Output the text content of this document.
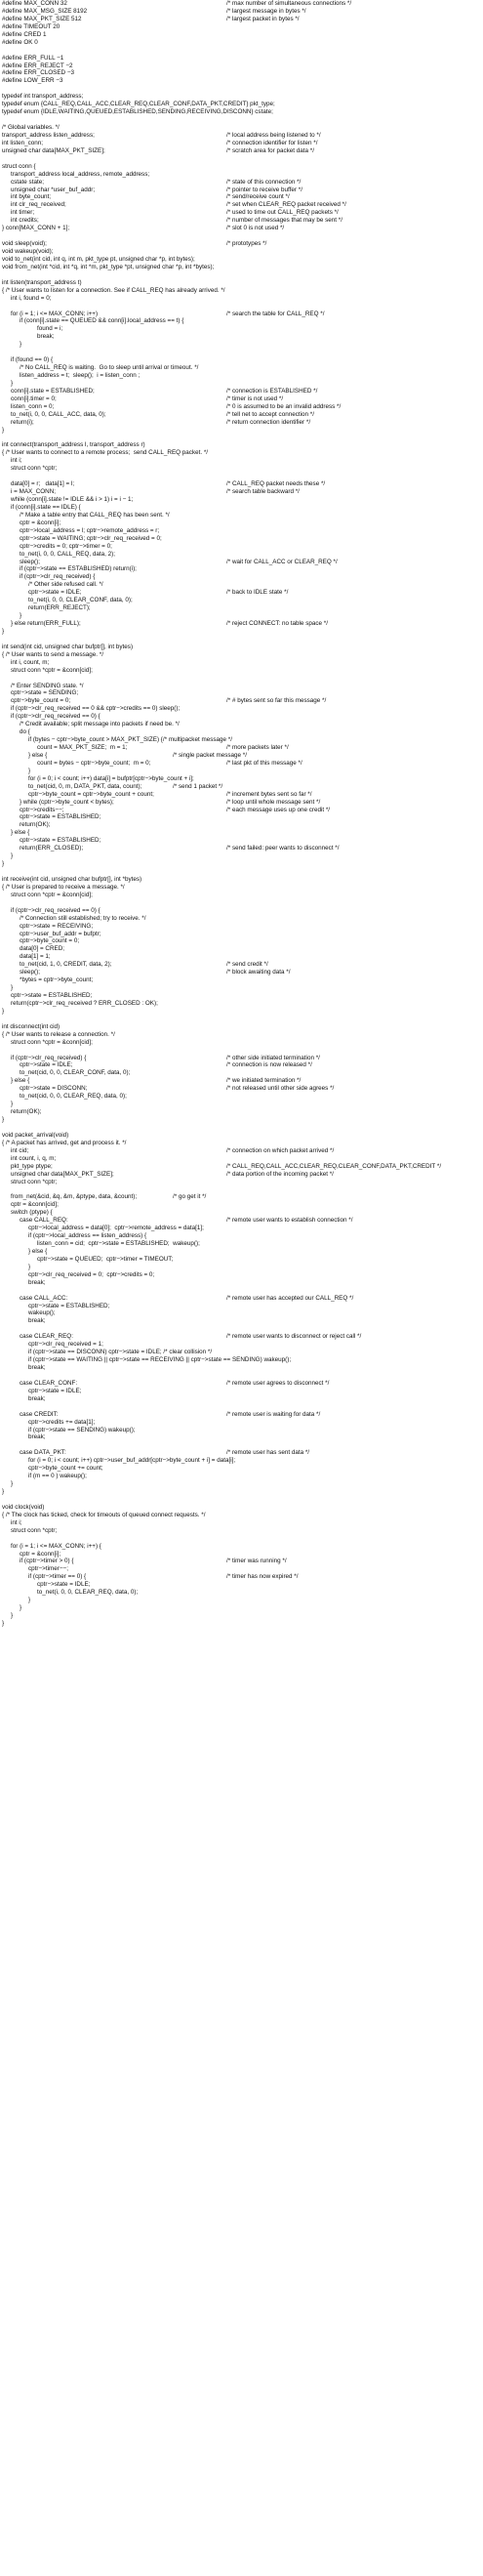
#define MAX_CONN 32	/* max number of simultaneous connections */
#define MAX_MSG_SIZE 8192	/* largest message in bytes */
#define MAX_PKT_SIZE 512	/* largest packet in bytes */
#define TIMEOUT 20
#define CRED 1
#define OK 0
#define ERR_FULL −1
#define ERR_REJECT −2
#define ERR_CLOSED −3
#define LOW_ERR −3
typedef int transport_address;
typedef enum {CALL_REQ,CALL_ACC,CLEAR_REQ,CLEAR_CONF,DATA_PKT,CREDIT} pkt_type;
typedef enum {IDLE,WAITING,QUEUED,ESTABLISHED,SENDING,RECEIVING,DISCONN} cstate;
/* Global variables. */
transport_address listen_address;	/* local address being listened to */
int listen_conn;	/* connection identifier for listen */
unsigned char data[MAX_PKT_SIZE];	/* scratch area for packet data */
struct conn {
transport_address local_address, remote_address;
cstate state;	/* state of this connection */
unsigned char *user_buf_addr;	/* pointer to receive buffer */
int byte_count;	/* send/receive count */
int clr_req_received;	/* set when CLEAR_REQ packet received */
int timer;	/* used to time out CALL_REQ packets */
int credits;	/* number of messages that may be sent */
} conn[MAX_CONN + 1];	/* slot 0 is not used */
void sleep(void);	/* prototypes */
void wakeup(void);
void to_net(int cid, int q, int m, pkt_type pt, unsigned char *p, int bytes);
void from_net(int *cid, int *q, int *m, pkt_type *pt, unsigned char *p, int *bytes);
int listen(transport_address t)
{ /* User wants to listen for a connection. See if CALL_REQ has already arrived. */
int i, found = 0;
for (i = 1; i <= MAX_CONN; i++)	/* search the table for CALL_REQ */
if (conn[i].state == QUEUED && conn[i].local_address == t) {
found = i;
break;
}
if (found == 0) {
/* No CALL_REQ is waiting.  Go to sleep until arrival or timeout. */
listen_address = t;  sleep();  i = listen_conn ;
}
conn[i].state = ESTABLISHED;	/* connection is ESTABLISHED */
conn[i].timer = 0;	/* timer is not used */
listen_conn = 0;	/* 0 is assumed to be an invalid address */
to_net(i, 0, 0, CALL_ACC, data, 0);	/* tell net to accept connection */
return(i);	/* return connection identifier */
}
int connect(transport_address l, transport_address r)
{ /* User wants to connect to a remote process;  send CALL_REQ packet. */
int i;
struct conn *cptr;
data[0] = r;   data[1] = l;	/* CALL_REQ packet needs these */
i = MAX_CONN;	/* search table backward */
while (conn[i].state != IDLE && i > 1) i = i − 1;
if (conn[i].state == IDLE) {
/* Make a table entry that CALL_REQ has been sent. */
cptr = &conn[i];
cptr−>local_address = l; cptr−>remote_address = r;
cptr−>state = WAITING; cptr−>clr_req_received = 0;
cptr−>credits = 0; cptr−>timer = 0;
to_net(i, 0, 0, CALL_REQ, data, 2);
sleep();	/* wait for CALL_ACC or CLEAR_REQ */
if (cptr−>state == ESTABLISHED) return(i);
if (cptr−>clr_req_received) {
/* Other side refused call. */
cptr−>state = IDLE;	/* back to IDLE state */
to_net(i, 0, 0, CLEAR_CONF, data, 0);
return(ERR_REJECT);
}
} else return(ERR_FULL);	/* reject CONNECT: no table space */
}
int send(int cid, unsigned char bufptr[], int bytes)
{ /* User wants to send a message. */
int i, count, m;
struct conn *cptr = &conn[cid];
/* Enter SENDING state. */
cptr−>state = SENDING;
cptr−>byte_count = 0;	/* # bytes sent so far this message */
if (cptr−>clr_req_received == 0 && cptr−>credits == 0) sleep();
if (cptr−>clr_req_received == 0) {
/* Credit available; split message into packets if need be. */
do {
if (bytes − cptr−>byte_count > MAX_PKT_SIZE) {/* multipacket message */
count = MAX_PKT_SIZE;  m = 1;	/* more packets later */
} else {	/* single packet message */
count = bytes − cptr−>byte_count;  m = 0;	/* last pkt of this message */
}
for (i = 0; i < count; i++) data[i] = bufptr[cptr−>byte_count + i];
to_net(cid, 0, m, DATA_PKT, data, count);	/* send 1 packet */
cptr−>byte_count = cptr−>byte_count + count;	/* increment bytes sent so far */
} while (cptr−>byte_count < bytes);	/* loop until whole message sent */
cptr−>credits−−;	/* each message uses up one credit */
cptr−>state = ESTABLISHED;
return(OK);
} else {
cptr−>state = ESTABLISHED;
return(ERR_CLOSED);	/* send failed: peer wants to disconnect */
}
}
int receive(int cid, unsigned char bufptr[], int *bytes)
{ /* User is prepared to receive a message. */
struct conn *cptr = &conn[cid];
if (cptr−>clr_req_received == 0) {
/* Connection still established; try to receive. */
cptr−>state = RECEIVING;
cptr−>user_buf_addr = bufptr;
cptr−>byte_count = 0;
data[0] = CRED;
data[1] = 1;
to_net(cid, 1, 0, CREDIT, data, 2);	/* send credit */
sleep();	/* block awaiting data */
*bytes = cptr−>byte_count;
}
cptr−>state = ESTABLISHED;
return(cptr−>clr_req_received ? ERR_CLOSED : OK);
}
int disconnect(int cid)
{ /* User wants to release a connection. */
struct conn *cptr = &conn[cid];
if (cptr−>clr_req_received) {	/* other side initiated termination */
cptr−>state = IDLE;	/* connection is now released */
to_net(cid, 0, 0, CLEAR_CONF, data, 0);
} else {	/* we initiated termination */
cptr−>state = DISCONN;	/* not released until other side agrees */
to_net(cid, 0, 0, CLEAR_REQ, data, 0);
}
return(OK);
}
void packet_arrival(void)
{ /* A packet has arrived, get and process it. */
int cid;	/* connection on which packet arrived */
int count, i, q, m;
pkt_type ptype;	/* CALL_REQ,CALL_ACC,CLEAR_REQ,CLEAR_CONF,DATA_PKT,CREDIT */
unsigned char data[MAX_PKT_SIZE];	/* data portion of the incoming packet */
struct conn *cptr;
from_net(&cid, &q, &m, &ptype, data, &count);	/* go get it */
cptr = &conn[cid];
switch (ptype) {
case CALL_REQ:	/* remote user wants to establish connection */
cptr−>local_address = data[0];  cptr−>remote_address = data[1];
if (cptr−>local_address == listen_address) {
listen_conn = cid;  cptr−>state = ESTABLISHED;  wakeup();
} else {
cptr−>state = QUEUED;  cptr−>timer = TIMEOUT;
}
cptr−>clr_req_received = 0;  cptr−>credits = 0;
break;
case CALL_ACC:	/* remote user has accepted our CALL_REQ */
cptr−>state = ESTABLISHED;
wakeup();
break;
case CLEAR_REQ:	/* remote user wants to disconnect or reject call */
cptr−>clr_req_received = 1;
if (cptr−>state == DISCONN) cptr−>state = IDLE; /* clear collision */
if (cptr−>state == WAITING || cptr−>state == RECEIVING || cptr−>state == SENDING) wakeup();
break;
case CLEAR_CONF:	/* remote user agrees to disconnect */
cptr−>state = IDLE;
break;
case CREDIT:	/* remote user is waiting for data */
cptr−>credits += data[1];
if (cptr−>state == SENDING) wakeup();
break;
case DATA_PKT:	/* remote user has sent data */
for (i = 0; i < count; i++) cptr−>user_buf_addr[cptr−>byte_count + i] = data[i];
cptr−>byte_count += count;
if (m == 0 ) wakeup();
}
}
void clock(void)
{ /* The clock has ticked, check for timeouts of queued connect requests. */
int i;
struct conn *cptr;
for (i = 1; i <= MAX_CONN; i++) {
cptr = &conn[i];
if (cptr−>timer > 0) {	/* timer was running */
cptr−>timer−−;
if (cptr−>timer == 0) {	/* timer has now expired */
cptr−>state = IDLE;
to_net(i, 0, 0, CLEAR_REQ, data, 0);
}
}
}
}
